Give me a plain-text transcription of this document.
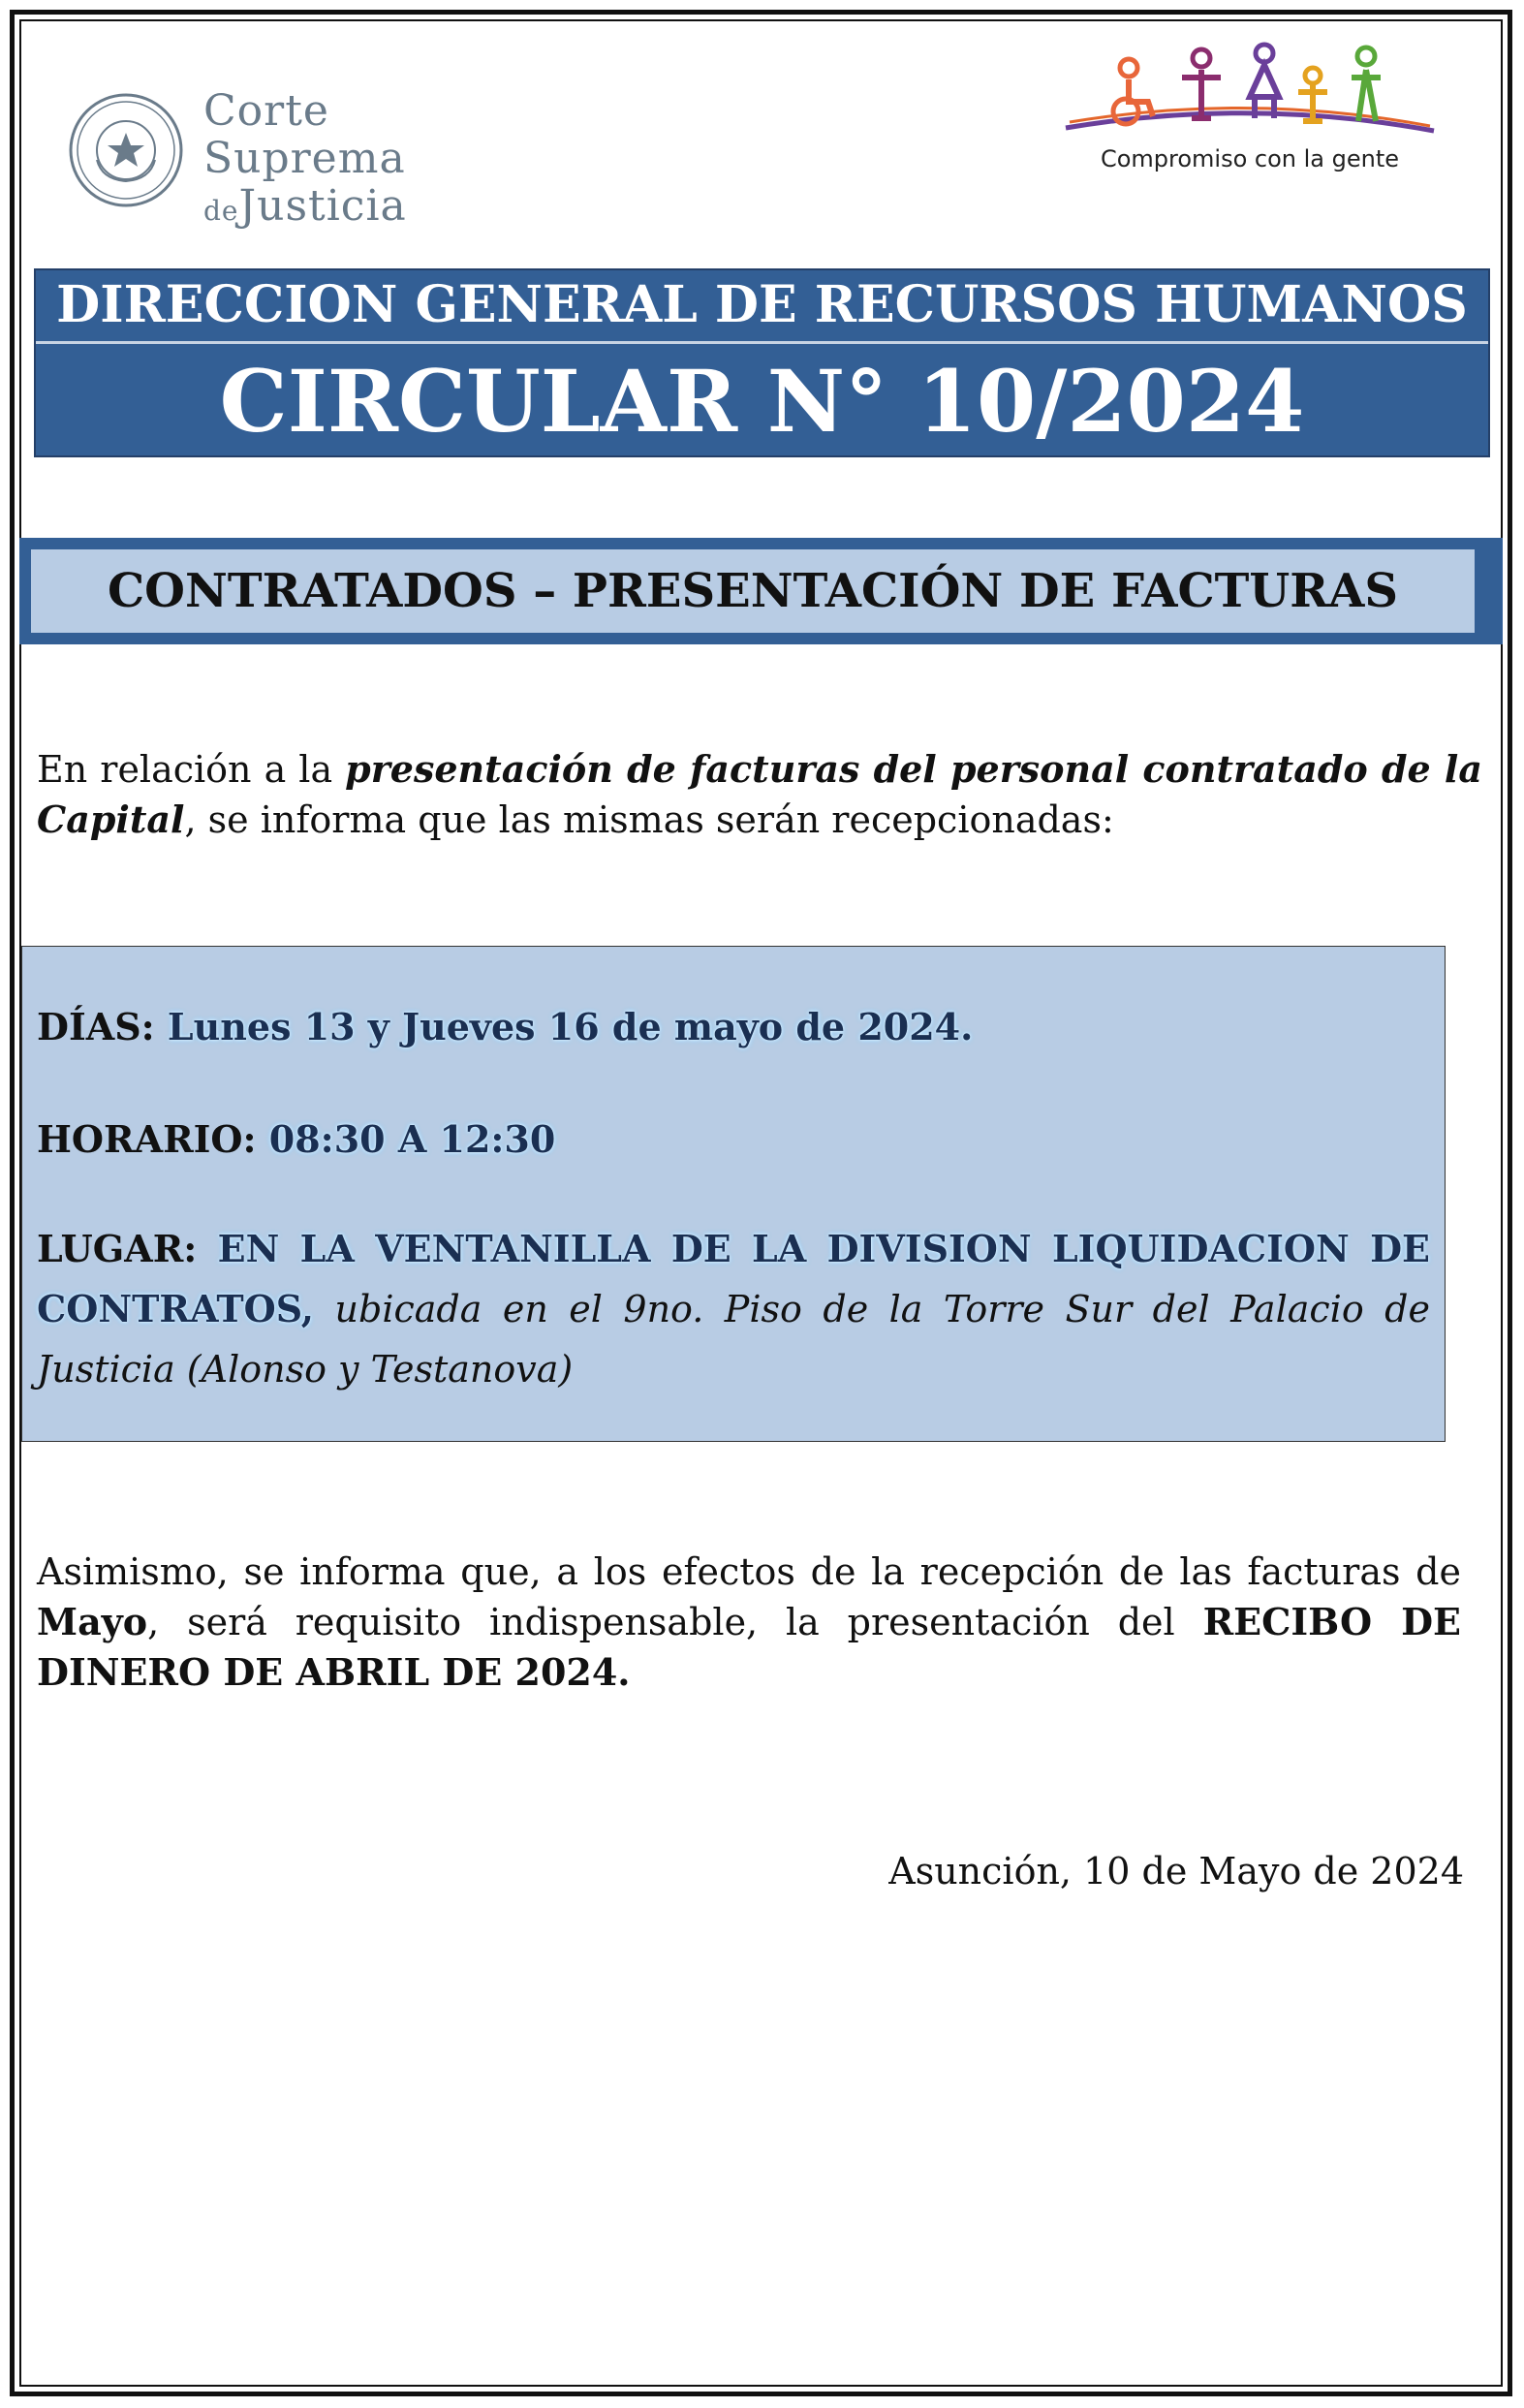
Corte
Suprema
deJusticia
Compromiso con la gente
DIRECCION GENERAL DE RECURSOS HUMANOS
CIRCULAR N° 10/2024
CONTRATADOS – PRESENTACIÓN DE FACTURAS
En relación a la presentación de facturas del personal contratado de la Capital, se informa que las mismas serán recepcionadas:
DÍAS: Lunes 13 y Jueves 16 de mayo de 2024.
HORARIO: 08:30 A 12:30
LUGAR: EN LA VENTANILLA DE LA DIVISION LIQUIDACION DE CONTRATOS, ubicada en el 9no. Piso de la Torre Sur del Palacio de Justicia (Alonso y Testanova)
Asimismo, se informa que, a los efectos de la recepción de las facturas de Mayo, será requisito indispensable, la presentación del RECIBO DE DINERO DE ABRIL DE 2024.
Asunción, 10 de Mayo de 2024
